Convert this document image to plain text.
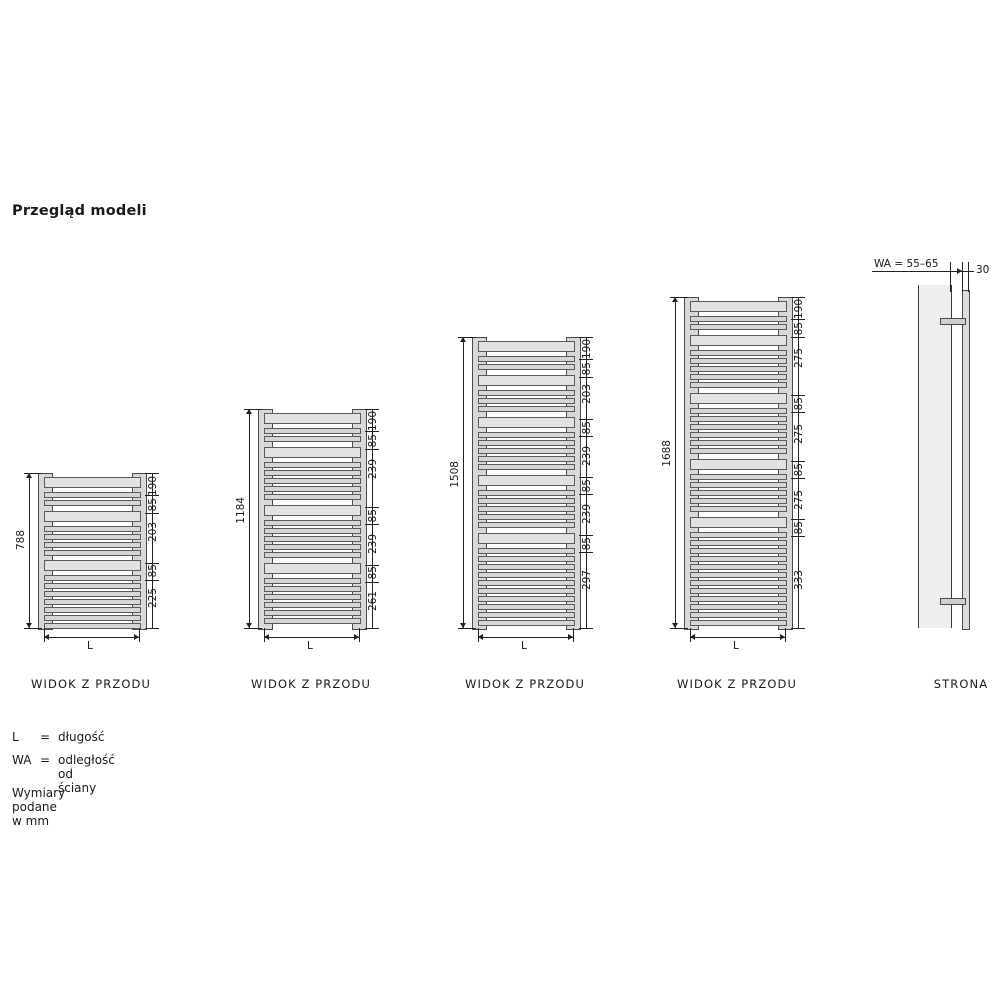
Przegląd modeli
788
190
85
203
85
225
L
WIDOK Z PRZODU
1184
190
85
239
85
239
85
261
L
WIDOK Z PRZODU
1508
190
85
203
85
239
85
239
85
297
L
WIDOK Z PRZODU
1688
190
85
275
85
275
85
275
85
333
L
WIDOK Z PRZODU
WA = 55–65	30
STRONA
L = długość
WA = odległość od ściany
Wymiary podane w mm
